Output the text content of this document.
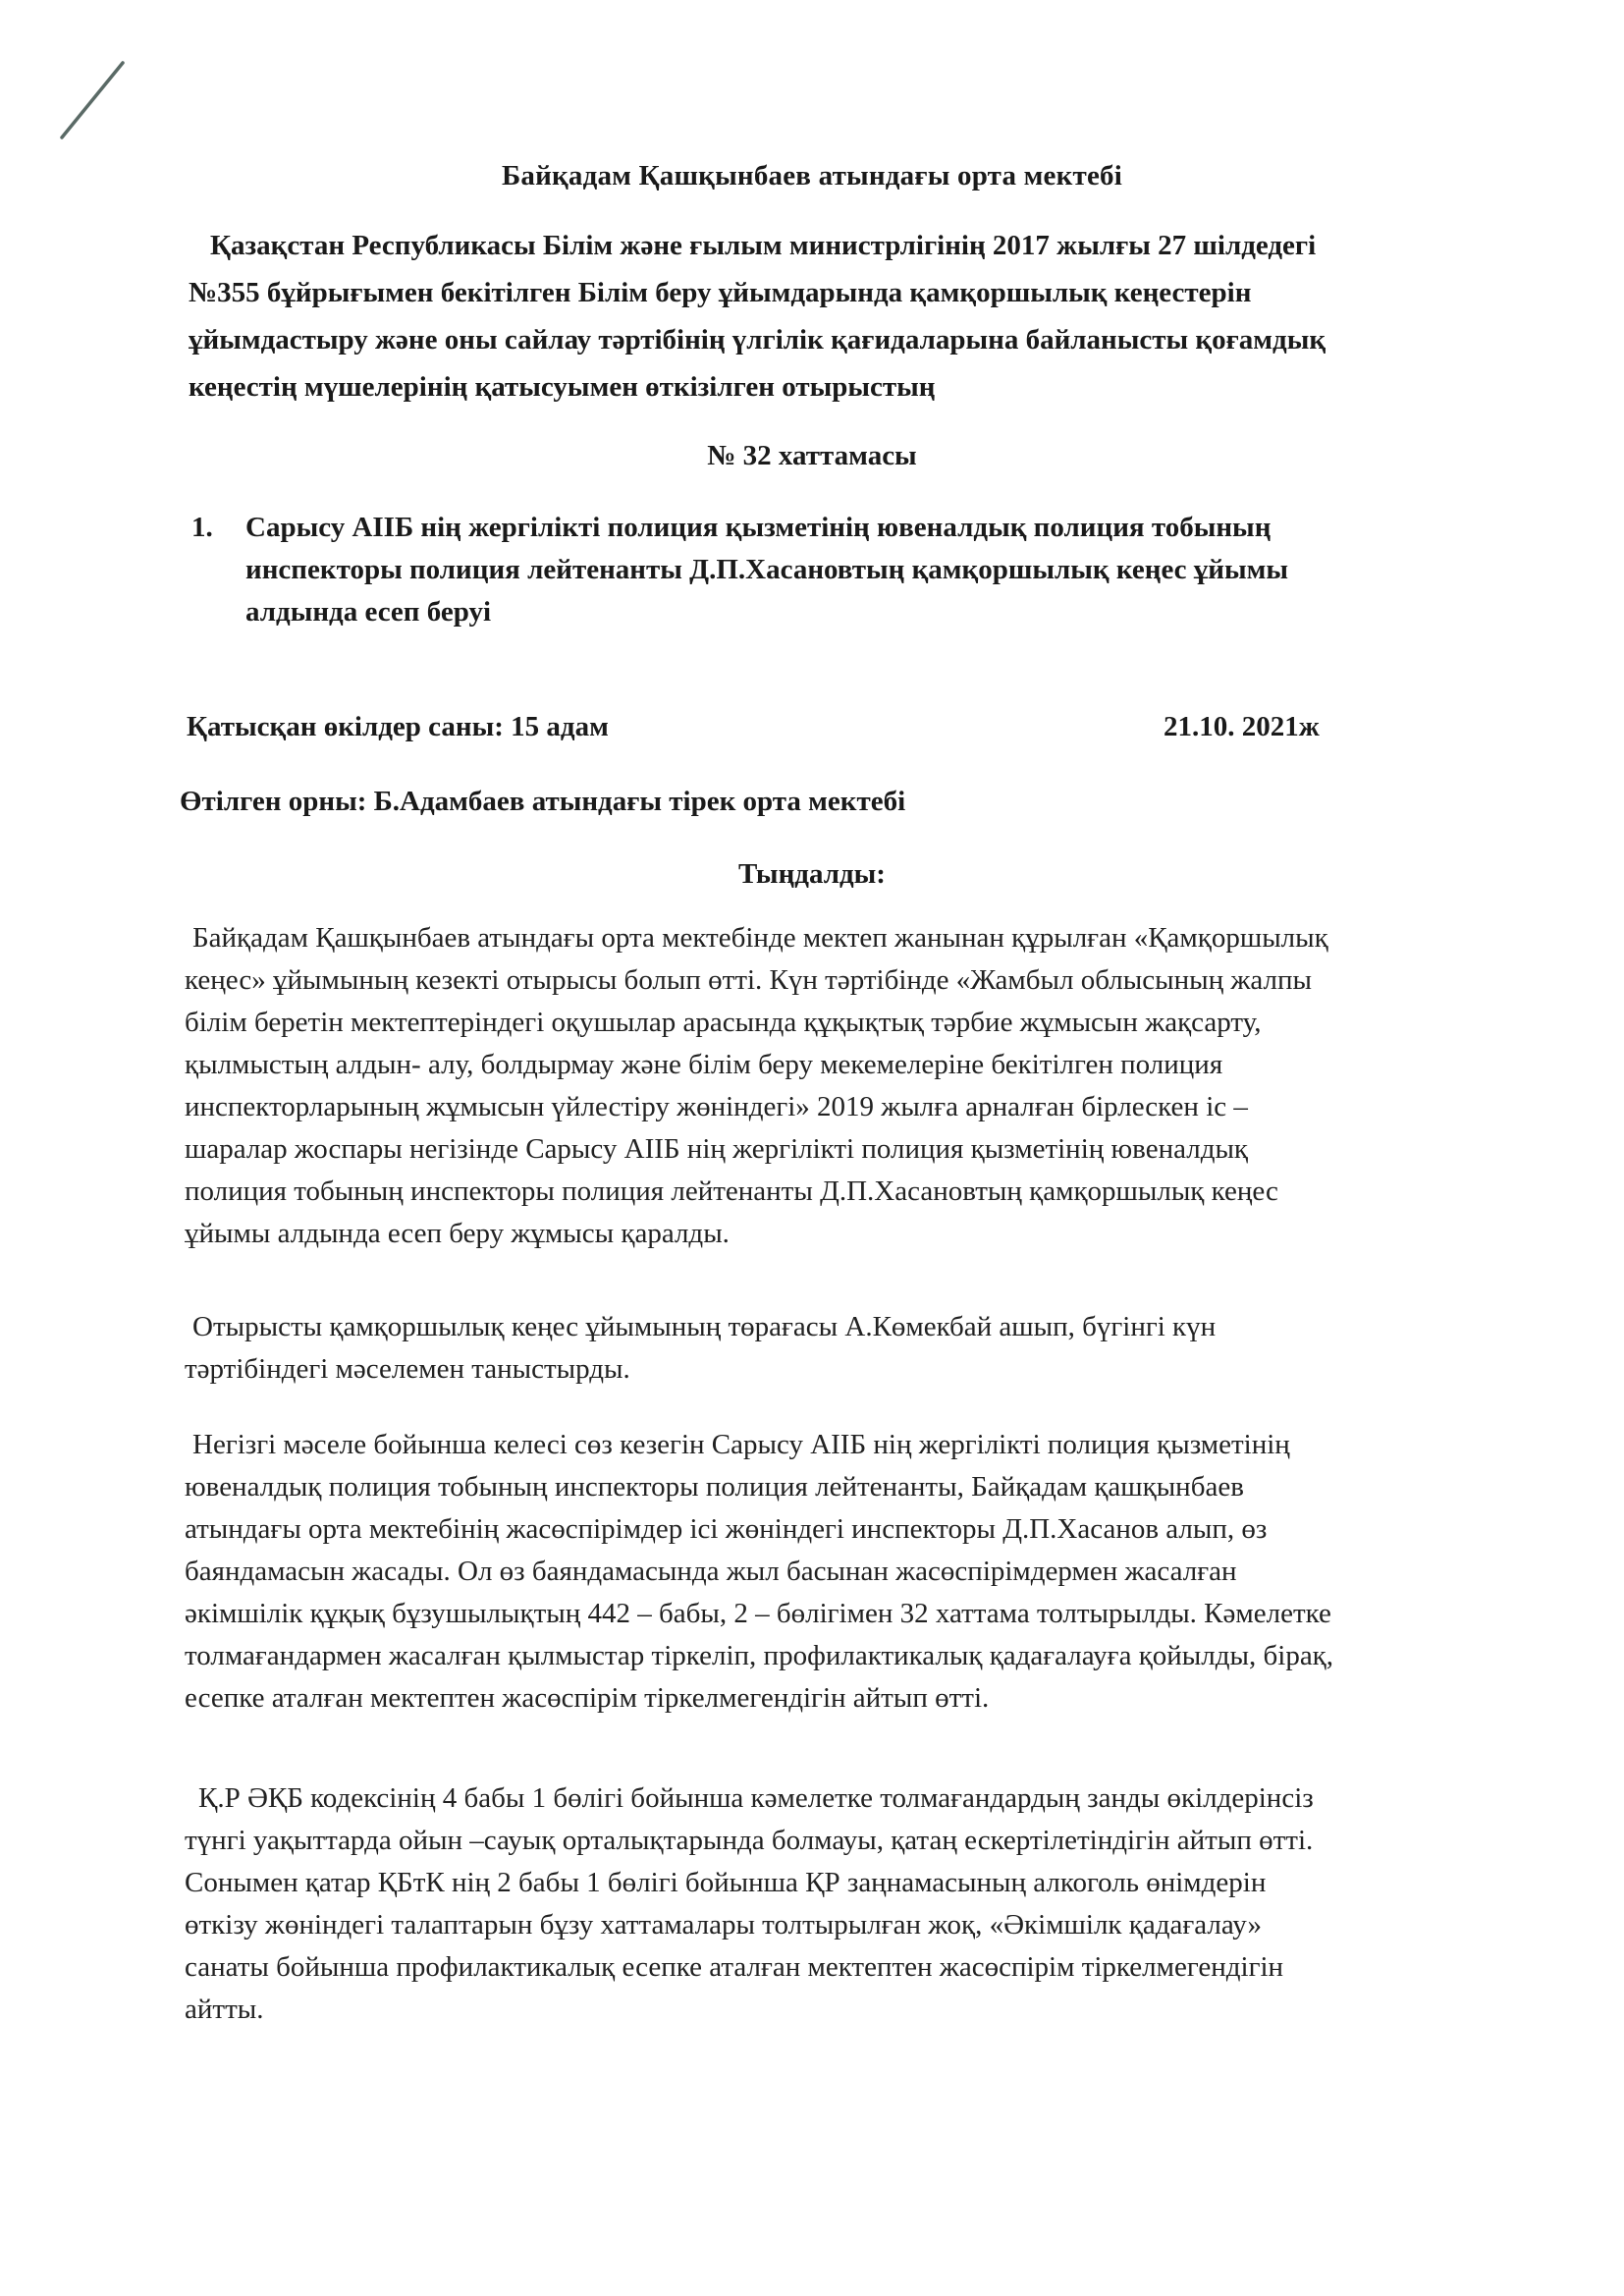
Байқадам Қашқынбаев атындағы орта мектебі
Қазақстан Республикасы Білім және ғылым министрлігінің 2017 жылғы 27 шілдедегі
№355 бұйрығымен бекітілген Білім беру ұйымдарында қамқоршылық кеңестерін
ұйымдастыру және оны сайлау тәртібінің үлгілік қағидаларына байланысты қоғамдық
кеңестің мүшелерінің қатысуымен өткізілген отырыстың
№ 32 хаттамасы
1.	Сарысу АІІБ нің жергілікті полиция қызметінің ювеналдық полиция тобының
инспекторы полиция лейтенанты Д.П.Хасановтың қамқоршылық кеңес ұйымы
алдында есеп беруі
Қатысқан өкілдер саны: 15 адам	21.10. 2021ж
Өтілген орны: Б.Адамбаев атындағы тірек орта мектебі
Тыңдалды:
Байқадам Қашқынбаев атындағы орта мектебінде мектеп жанынан құрылған «Қамқоршылық
кеңес» ұйымының кезекті отырысы болып өтті. Күн тәртібінде «Жамбыл облысының жалпы
білім беретін мектептеріндегі оқушылар арасында құқықтық тәрбие жұмысын жақсарту,
қылмыстың алдын- алу, болдырмау және білім беру мекемелеріне бекітілген полиция
инспекторларының жұмысын үйлестіру жөніндегі» 2019 жылға арналған бірлескен іс –
шаралар жоспары негізінде Сарысу АІІБ нің жергілікті полиция қызметінің ювеналдық
полиция тобының инспекторы полиция лейтенанты Д.П.Хасановтың қамқоршылық кеңес
ұйымы алдында есеп беру жұмысы қаралды.
Отырысты қамқоршылық кеңес ұйымының төрағасы А.Көмекбай ашып, бүгінгі күн
тәртібіндегі мәселемен таныстырды.
Негізгі мәселе бойынша келесі сөз кезегін Сарысу АІІБ нің жергілікті полиция қызметінің
ювеналдық полиция тобының инспекторы полиция лейтенанты, Байқадам қашқынбаев
атындағы орта мектебінің жасөспірімдер ісі жөніндегі инспекторы Д.П.Хасанов алып, өз
баяндамасын жасады. Ол өз баяндамасында жыл басынан жасөспірімдермен жасалған
әкімшілік құқық бұзушылықтың 442 – бабы, 2 – бөлігімен 32 хаттама толтырылды. Кәмелетке
толмағандармен жасалған қылмыстар тіркеліп, профилактикалық қадағалауға қойылды, бірақ,
есепке аталған мектептен жасөспірім тіркелмегендігін айтып өтті.
Қ.Р ӘҚБ кодексінің 4 бабы 1 бөлігі бойынша кәмелетке толмағандардың занды өкілдерінсіз
түнгі уақыттарда ойын –сауық орталықтарында болмауы, қатаң ескертілетіндігін айтып өтті.
Сонымен қатар ҚБтК нің 2 бабы 1 бөлігі бойынша ҚР заңнамасының алкоголь өнімдерін
өткізу жөніндегі талаптарын бұзу хаттамалары толтырылған жоқ, «Әкімшілк қадағалау»
санаты бойынша профилактикалық есепке аталған мектептен жасөспірім тіркелмегендігін
айтты.
